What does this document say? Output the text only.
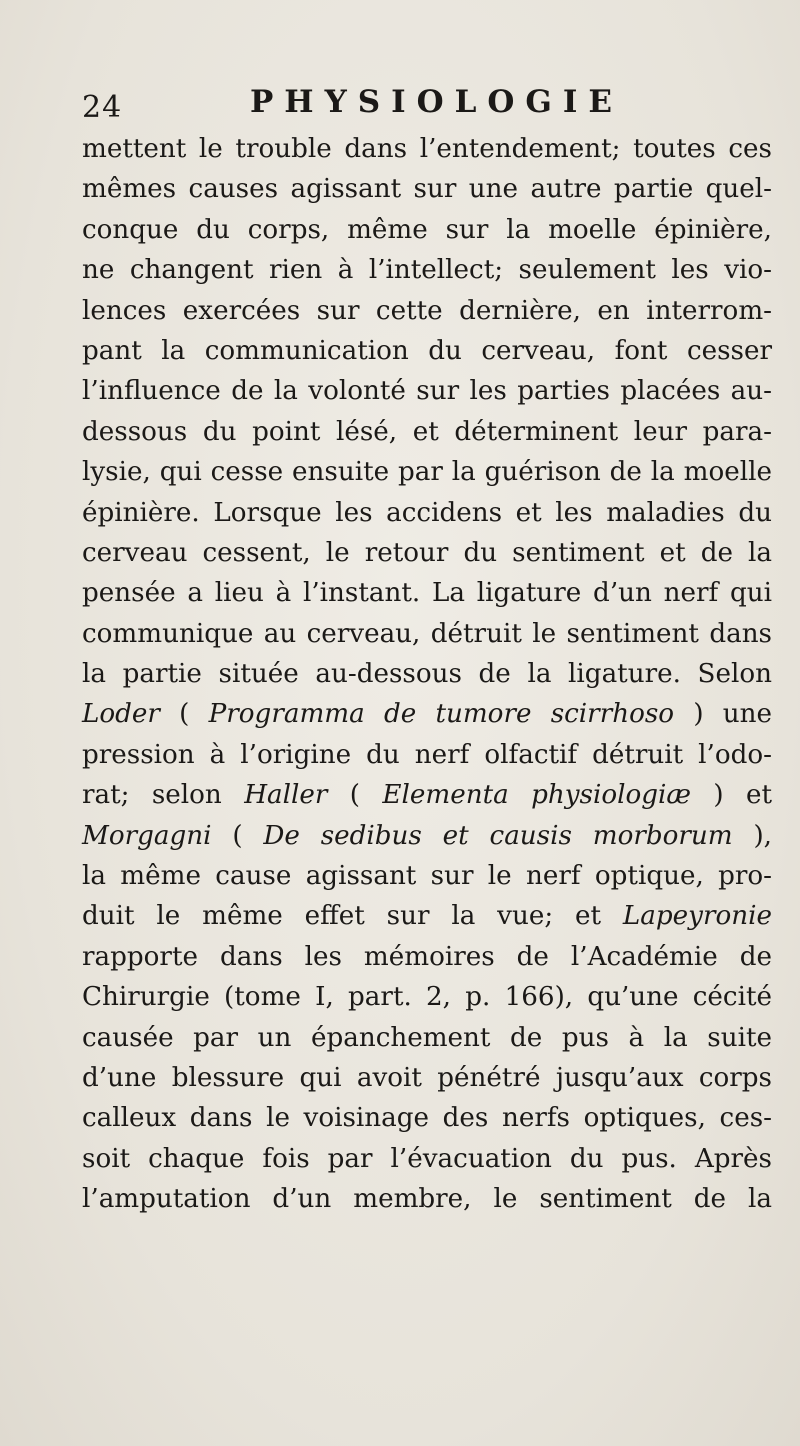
24	PHYSIOLOGIE
mettent le trouble dans l’entendement; toutes ces
mêmes causes agissant sur une autre partie quel-
conque du corps, même sur la moelle épinière,
ne changent rien à l’intellect; seulement les vio-
lences exercées sur cette dernière, en interrom-
pant la communication du cerveau, font cesser
l’influence de la volonté sur les parties placées au-
dessous du point lésé, et déterminent leur para-
lysie, qui cesse ensuite par la guérison de la moelle
épinière. Lorsque les accidens et les maladies du
cerveau cessent, le retour du sentiment et de la
pensée a lieu à l’instant. La ligature d’un nerf qui
communique au cerveau, détruit le sentiment dans
la partie située au-dessous de la ligature. Selon
Loder ( Programma de tumore scirrhoso ) une
pression à l’origine du nerf olfactif détruit l’odo-
rat; selon Haller ( Elementa physiologiæ ) et
Morgagni ( De sedibus et causis morborum ),
la même cause agissant sur le nerf optique, pro-
duit le même effet sur la vue; et Lapeyronie
rapporte dans les mémoires de l’Académie de
Chirurgie (tome I, part. 2, p. 166), qu’une cécité
causée par un épanchement de pus à la suite
d’une blessure qui avoit pénétré jusqu’aux corps
calleux dans le voisinage des nerfs optiques, ces-
soit chaque fois par l’évacuation du pus. Après
l’amputation d’un membre, le sentiment de la
